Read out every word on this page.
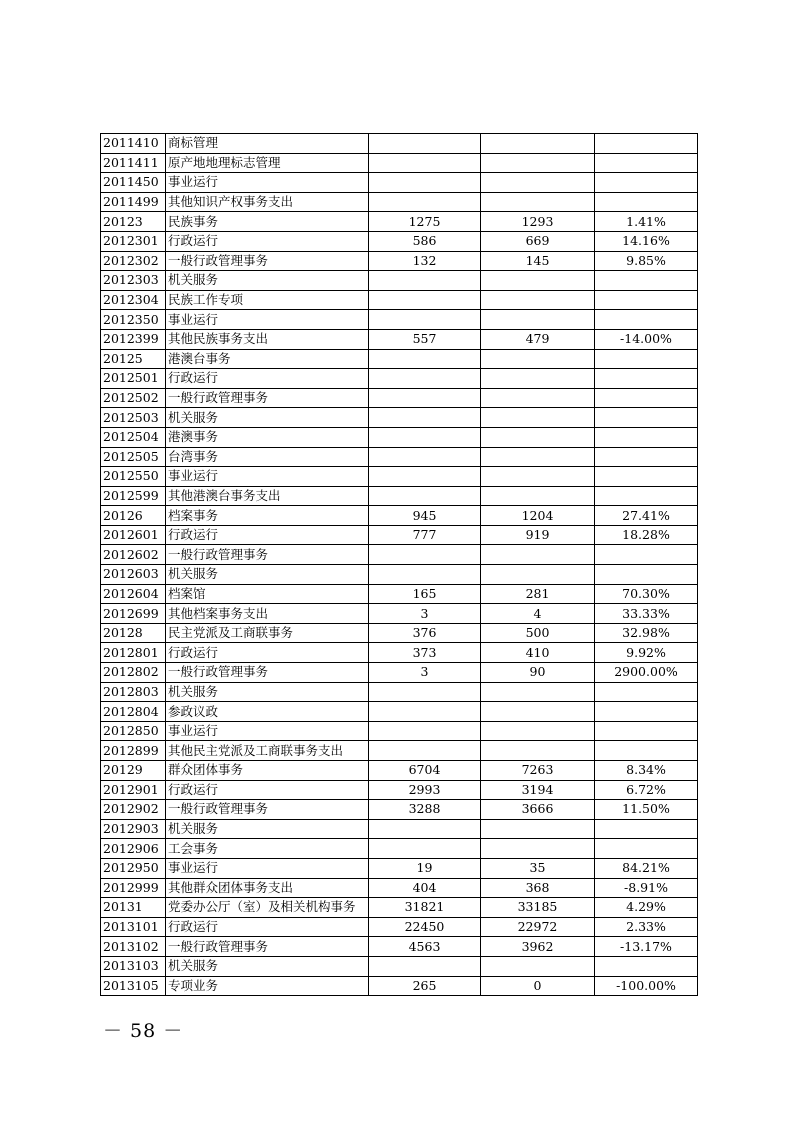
2011410	商标管理			
2011411	原产地地理标志管理			
2011450	事业运行			
2011499	其他知识产权事务支出			
20123	民族事务	1275	1293	1.41%
2012301	行政运行	586	669	14.16%
2012302	一般行政管理事务	132	145	9.85%
2012303	机关服务			
2012304	民族工作专项			
2012350	事业运行			
2012399	其他民族事务支出	557	479	-14.00%
20125	港澳台事务			
2012501	行政运行			
2012502	一般行政管理事务			
2012503	机关服务			
2012504	港澳事务			
2012505	台湾事务			
2012550	事业运行			
2012599	其他港澳台事务支出			
20126	档案事务	945	1204	27.41%
2012601	行政运行	777	919	18.28%
2012602	一般行政管理事务			
2012603	机关服务			
2012604	档案馆	165	281	70.30%
2012699	其他档案事务支出	3	4	33.33%
20128	民主党派及工商联事务	376	500	32.98%
2012801	行政运行	373	410	9.92%
2012802	一般行政管理事务	3	90	2900.00%
2012803	机关服务			
2012804	参政议政			
2012850	事业运行			
2012899	其他民主党派及工商联事务支出			
20129	群众团体事务	6704	7263	8.34%
2012901	行政运行	2993	3194	6.72%
2012902	一般行政管理事务	3288	3666	11.50%
2012903	机关服务			
2012906	工会事务			
2012950	事业运行	19	35	84.21%
2012999	其他群众团体事务支出	404	368	-8.91%
20131	党委办公厅（室）及相关机构事务	31821	33185	4.29%
2013101	行政运行	22450	22972	2.33%
2013102	一般行政管理事务	4563	3962	-13.17%
2013103	机关服务			
2013105	专项业务	265	0	-100.00%
－ 58 －
